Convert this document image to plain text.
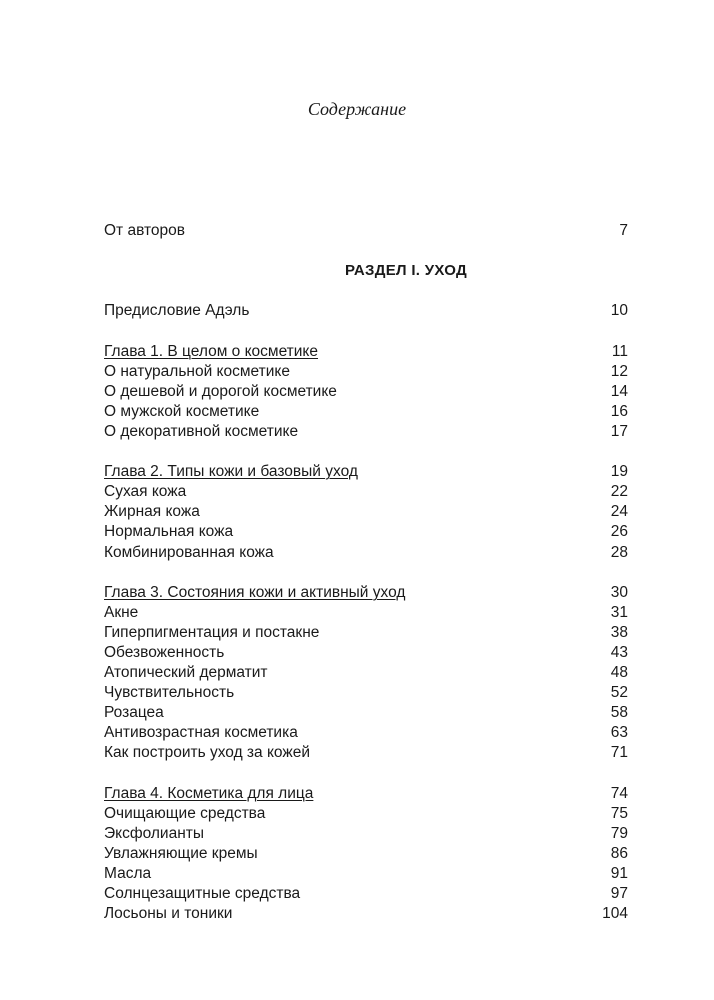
Содержание
От авторов	7
РАЗДЕЛ I. УХОД
Предисловие Адэль	10
Глава 1. В целом о косметике	11
О натуральной косметике	12
О дешевой и дорогой косметике	14
О мужской косметике	16
О декоративной косметике	17
Глава 2. Типы кожи и базовый уход	19
Сухая кожа	22
Жирная кожа	24
Нормальная кожа	26
Комбинированная кожа	28
Глава 3. Состояния кожи и активный уход	30
Акне	31
Гиперпигментация и постакне	38
Обезвоженность	43
Атопический дерматит	48
Чувствительность	52
Розацеа	58
Антивозрастная косметика	63
Как построить уход за кожей	71
Глава 4. Косметика для лица	74
Очищающие средства	75
Эксфолианты	79
Увлажняющие кремы	86
Масла	91
Солнцезащитные средства	97
Лосьоны и тоники	104
